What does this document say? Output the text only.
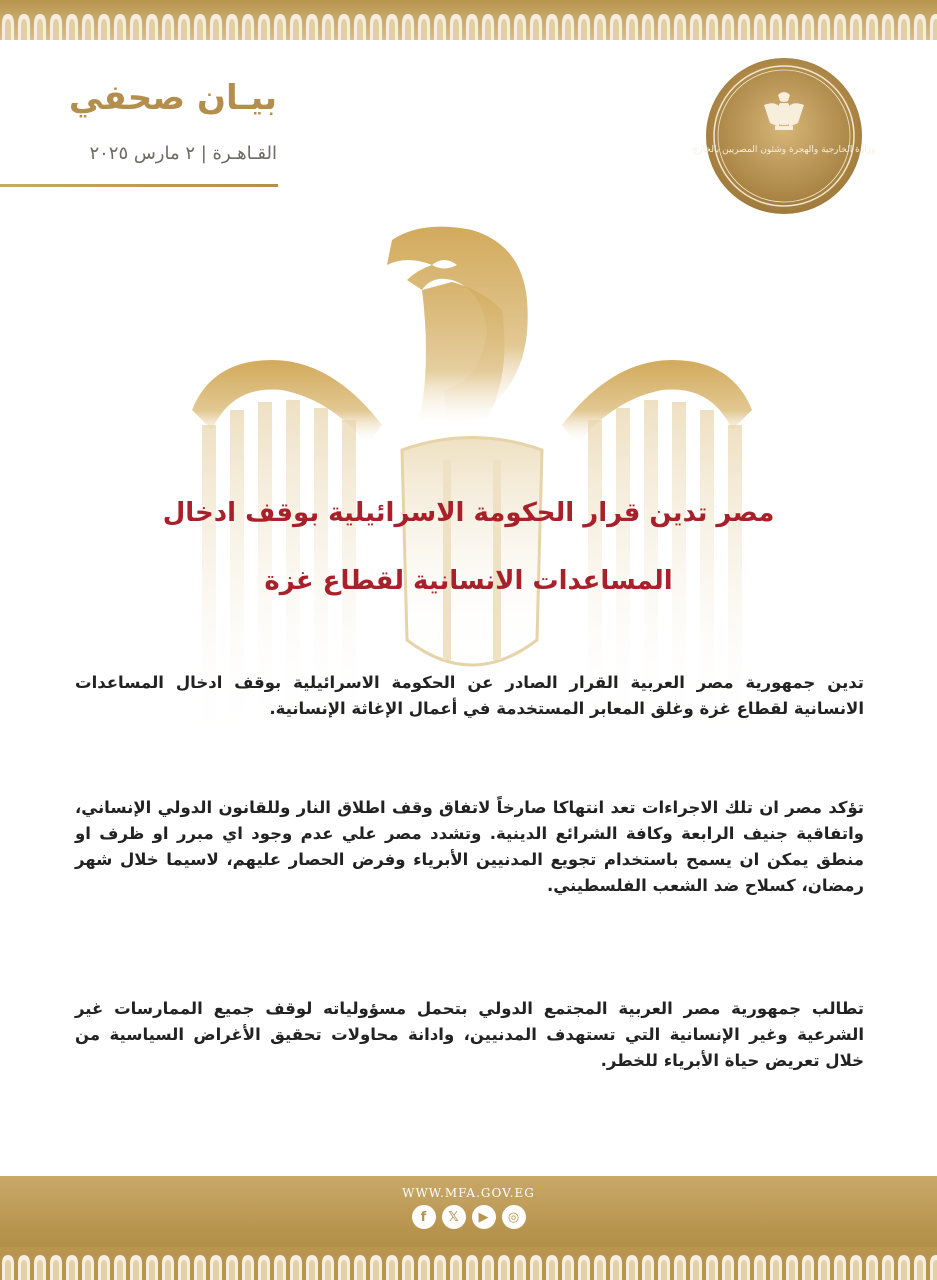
بيـان صحفي
القـاهـرة | ٢ مارس ٢٠٢٥	وزارة الخارجية والهجرة وشئون المصريين بالخارج
مصر تدين قرار الحكومة الاسرائيلية بوقف ادخال
المساعدات الانسانية لقطاع غزة
تدين جمهورية مصر العربية القرار الصادر عن الحكومة الاسرائيلية بوقف ادخال المساعدات الانسانية لقطاع غزة وغلق المعابر المستخدمة في أعمال الإغاثة الإنسانية.
تؤكد مصر ان تلك الاجراءات تعد انتهاكا صارخاً لاتفاق وقف اطلاق النار وللقانون الدولي الإنساني، واتفاقية جنيف الرابعة وكافة الشرائع الدينية. وتشدد مصر علي عدم وجود اي مبرر او ظرف او منطق يمكن ان يسمح باستخدام تجويع المدنيين الأبرياء وفرض الحصار عليهم، لاسيما خلال شهر رمضان، كسلاح ضد الشعب الفلسطيني.
تطالب جمهورية مصر العربية المجتمع الدولي بتحمل مسؤولياته لوقف جميع الممارسات غير الشرعية وغير الإنسانية التي تستهدف المدنيين، وادانة محاولات تحقيق الأغراض السياسية من خلال تعريض حياة الأبرياء للخطر.
WWW.MFA.GOV.EG
f	𝕏	▶	◎
